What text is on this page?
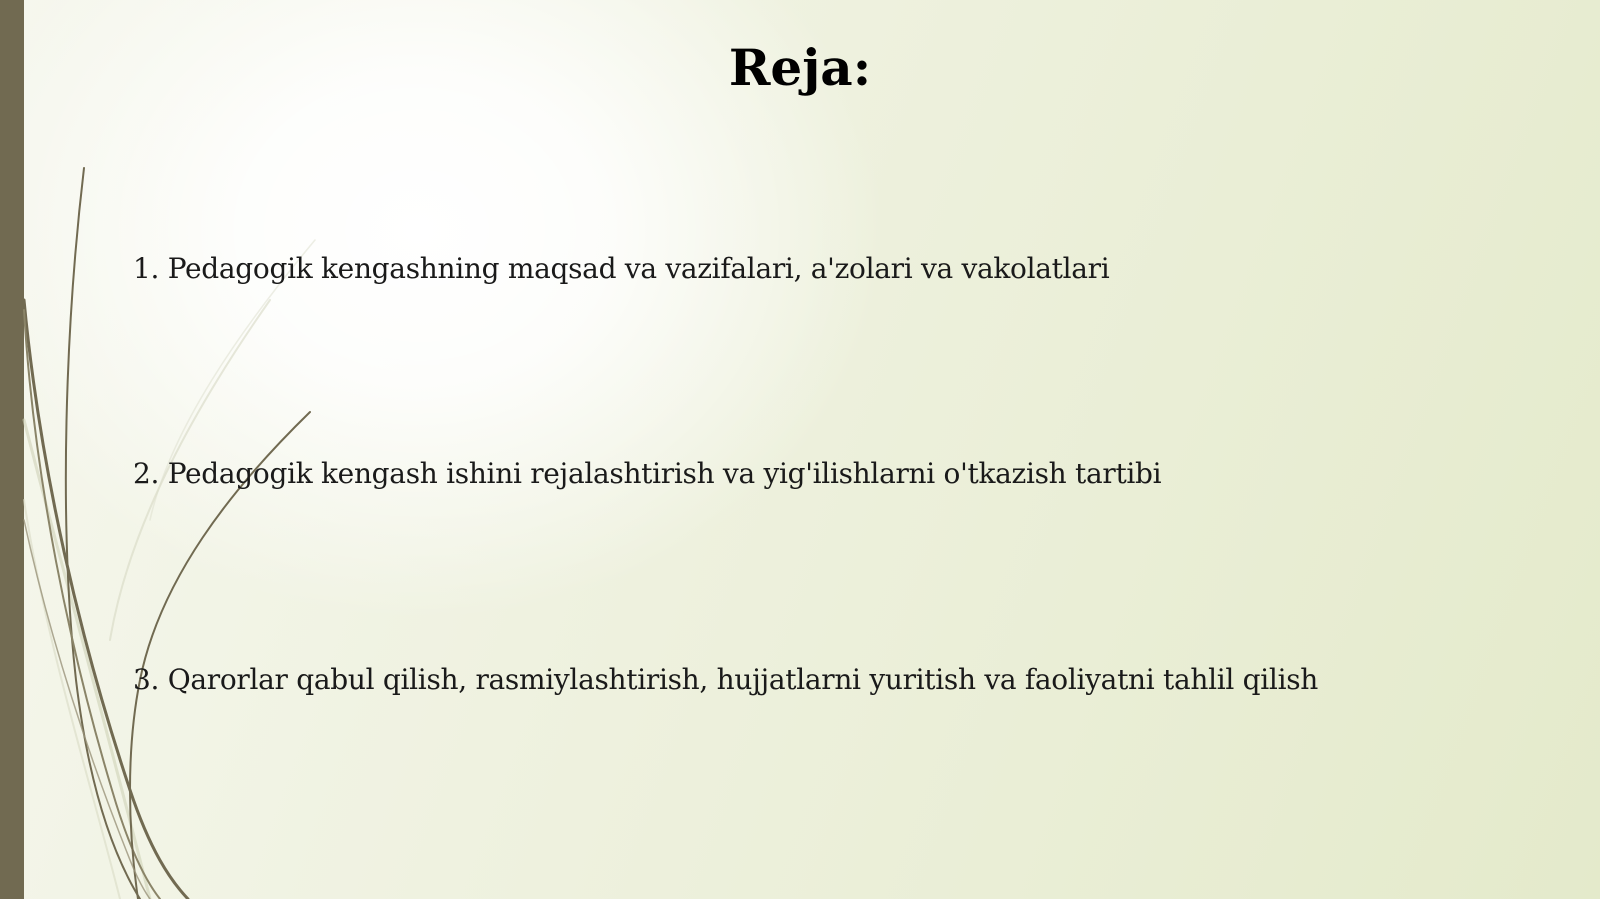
Reja:
1. Pedagogik kengashning maqsad va vazifalari, a'zolari va vakolatlari
2. Pedagogik kengash ishini rejalashtirish va yig'ilishlarni o'tkazish tartibi
3. Qarorlar qabul qilish, rasmiylashtirish, hujjatlarni yuritish va faoliyatni tahlil qilish
